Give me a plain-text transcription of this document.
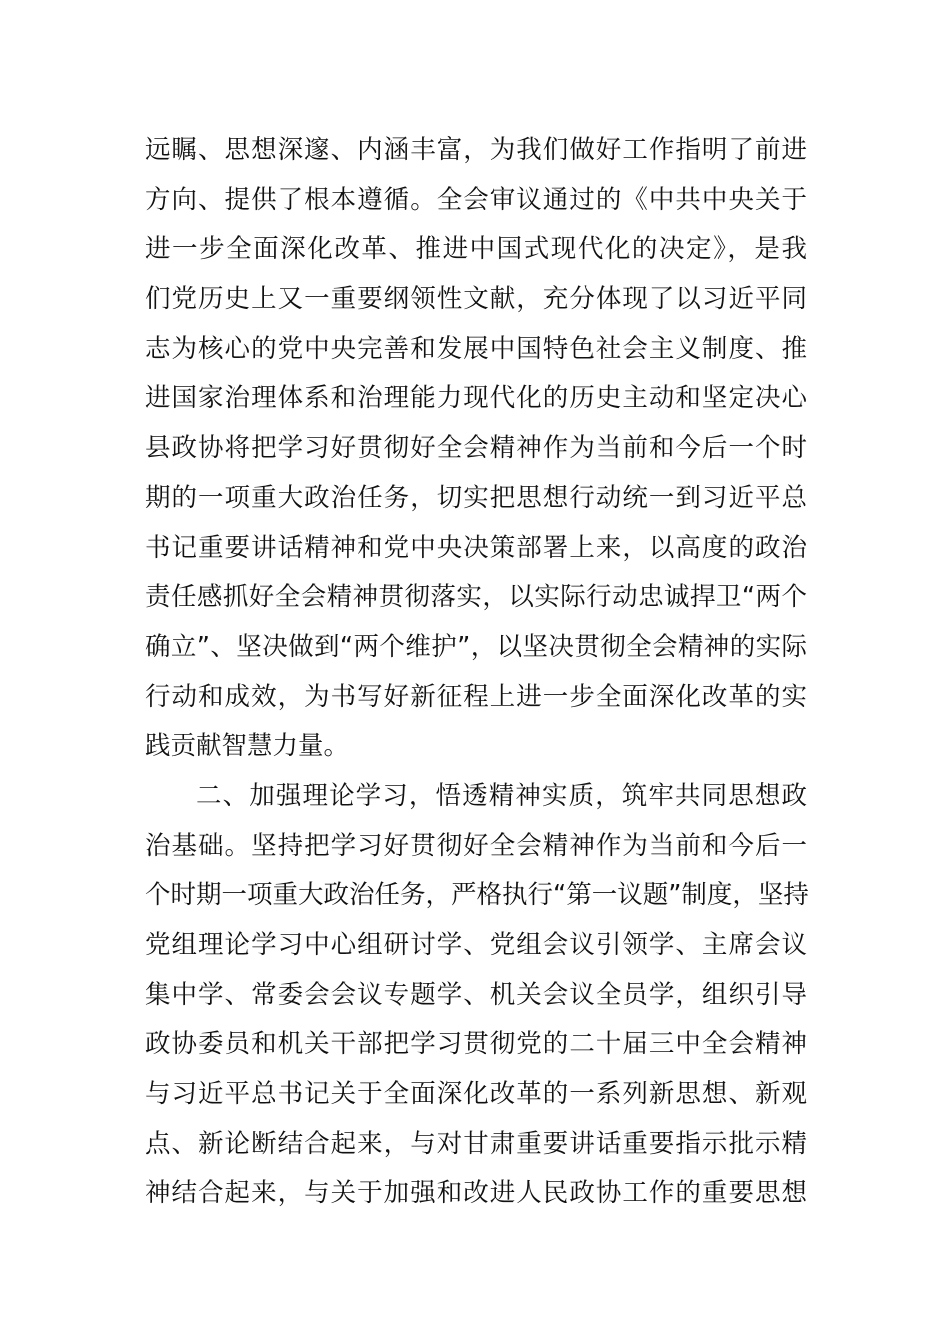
远瞩、思想深邃、内涵丰富，为我们做好工作指明了前进
方向、提供了根本遵循。全会审议通过的《中共中央关于
进一步全面深化改革、推进中国式现代化的决定》，是我
们党历史上又一重要纲领性文献，充分体现了以习近平同
志为核心的党中央完善和发展中国特色社会主义制度、推
进国家治理体系和治理能力现代化的历史主动和坚定决心
县政协将把学习好贯彻好全会精神作为当前和今后一个时
期的一项重大政治任务，切实把思想行动统一到习近平总
书记重要讲话精神和党中央决策部署上来，以高度的政治
责任感抓好全会精神贯彻落实，以实际行动忠诚捍卫“两个
确立”、坚决做到“两个维护”，以坚决贯彻全会精神的实际
行动和成效，为书写好新征程上进一步全面深化改革的实
践贡献智慧力量。
二、加强理论学习，悟透精神实质，筑牢共同思想政
治基础。坚持把学习好贯彻好全会精神作为当前和今后一
个时期一项重大政治任务，严格执行“第一议题”制度，坚持
党组理论学习中心组研讨学、党组会议引领学、主席会议
集中学、常委会会议专题学、机关会议全员学，组织引导
政协委员和机关干部把学习贯彻党的二十届三中全会精神
与习近平总书记关于全面深化改革的一系列新思想、新观
点、新论断结合起来，与对甘肃重要讲话重要指示批示精
神结合起来，与关于加强和改进人民政协工作的重要思想
